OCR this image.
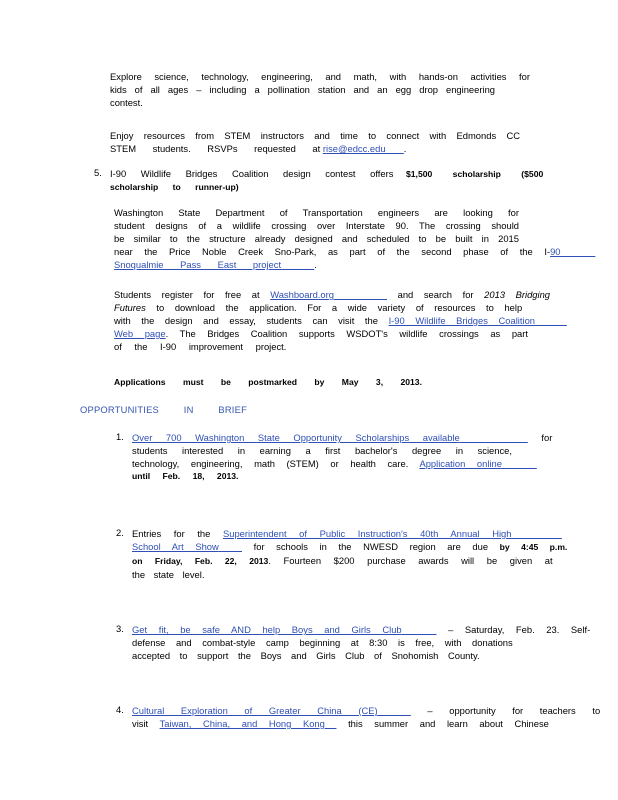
Explore science, technology, engineering, and math, with hands-on activities for
kids of all ages – including a pollination station and an egg drop engineering
contest.
Enjoy resources from STEM instructors and time to connect with Edmonds CC
STEM students. RSVPs requested at rise@edcc.edu .
5. I-90 Wildlife Bridges Coalition design contest offers $1,500 scholarship ($500
scholarship to runner-up)
Washington State Department of Transportation engineers are looking for
student designs of a wildlife crossing over Interstate 90. The crossing should
be similar to the structure already designed and scheduled to be built in 2015
near the Price Noble Creek Sno-Park, as part of the second phase of the I-90
Snoqualmie Pass East project	.
Students register for free at Washboard.org	and search for 2013 Bridging
Futures to download the application. For a wide variety of resources to help
with the design and essay, students can visit the I-90 Wildlife Bridges Coalition
Web page. The Bridges Coalition supports WSDOT's wildlife crossings as part
of the I-90 improvement project.
Applications must be postmarked by May 3, 2013.
OPPORTUNITIES IN BRIEF
1. Over 700 Washington State Opportunity Scholarships available	for
students interested in earning a first bachelor's degree in science,
technology, engineering, math (STEM) or health care. Application online
until Feb. 18, 2013.
2. Entries for the Superintendent of Public Instruction's 40th Annual High
School Art Show	for schools in the NWESD region are due by 4:45 p.m.
on Friday, Feb. 22, 2013. Fourteen $200 purchase awards will be given at
the state level.
3. Get fit, be safe AND help Boys and Girls Club	– Saturday, Feb. 23. Self-
defense and combat-style camp beginning at 8:30 is free, with donations
accepted to support the Boys and Girls Club of Snohomish County.
4. Cultural Exploration of Greater China (CE)	– opportunity for teachers to
visit Taiwan, China, and Hong Kong this summer and learn about Chinese
